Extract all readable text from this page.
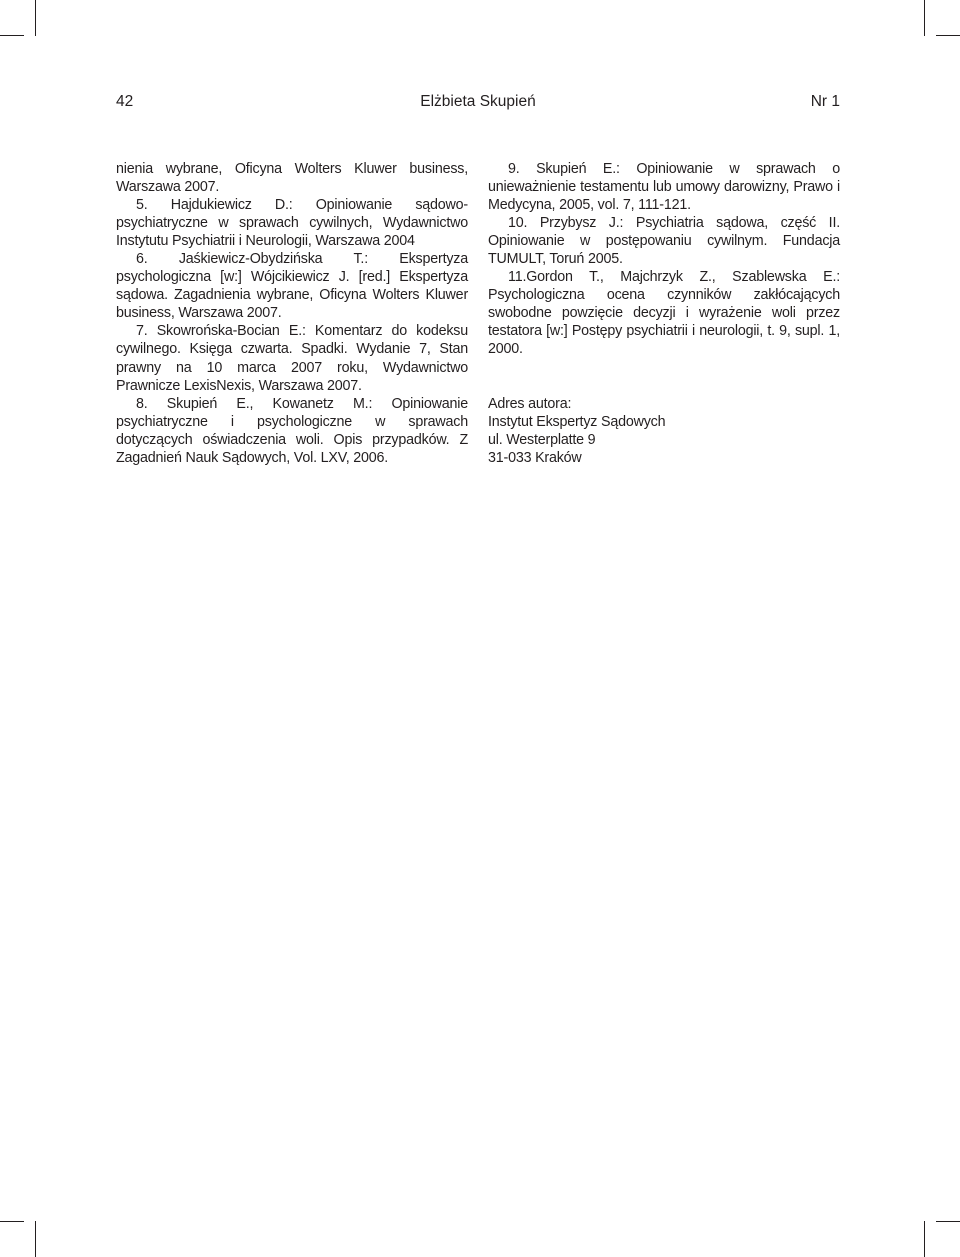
42	Elżbieta Skupień	Nr 1

nienia wybrane, Oficyna Wolters Kluwer business, Warszawa 2007.

5. Hajdukiewicz D.: Opiniowanie sądowo-psychiatryczne w sprawach cywilnych, Wydawnictwo Instytutu Psychiatrii i Neurologii, Warszawa 2004

6. Jaśkiewicz-Obydzińska T.: Ekspertyza psychologiczna [w:] Wójcikiewicz J. [red.] Ekspertyza sądowa. Zagadnienia wybrane, Oficyna Wolters Kluwer business, Warszawa 2007.

7. Skowrońska-Bocian E.: Komentarz do kodeksu cywilnego. Księga czwarta. Spadki. Wydanie 7, Stan prawny na 10 marca 2007 roku, Wydawnictwo Prawnicze LexisNexis, Warszawa 2007.

8. Skupień E., Kowanetz M.: Opiniowanie psychiatryczne i psychologiczne w sprawach dotyczących oświadczenia woli. Opis przypadków. Z Zagadnień Nauk Sądowych, Vol. LXV, 2006.

9. Skupień E.: Opiniowanie w sprawach o unieważnienie testamentu lub umowy darowizny, Prawo i Medycyna, 2005, vol. 7, 111-121.

10. Przybysz J.: Psychiatria sądowa, część II. Opiniowanie w postępowaniu cywilnym. Fundacja TUMULT, Toruń 2005.

11.Gordon T., Majchrzyk Z., Szablewska E.: Psychologiczna ocena czynników zakłócających swobodne powzięcie decyzji i wyrażenie woli przez testatora [w:] Postępy psychiatrii i neurologii, t. 9, supl. 1, 2000.

Adres autora:
Instytut Ekspertyz Sądowych
ul. Westerplatte 9
31-033 Kraków
